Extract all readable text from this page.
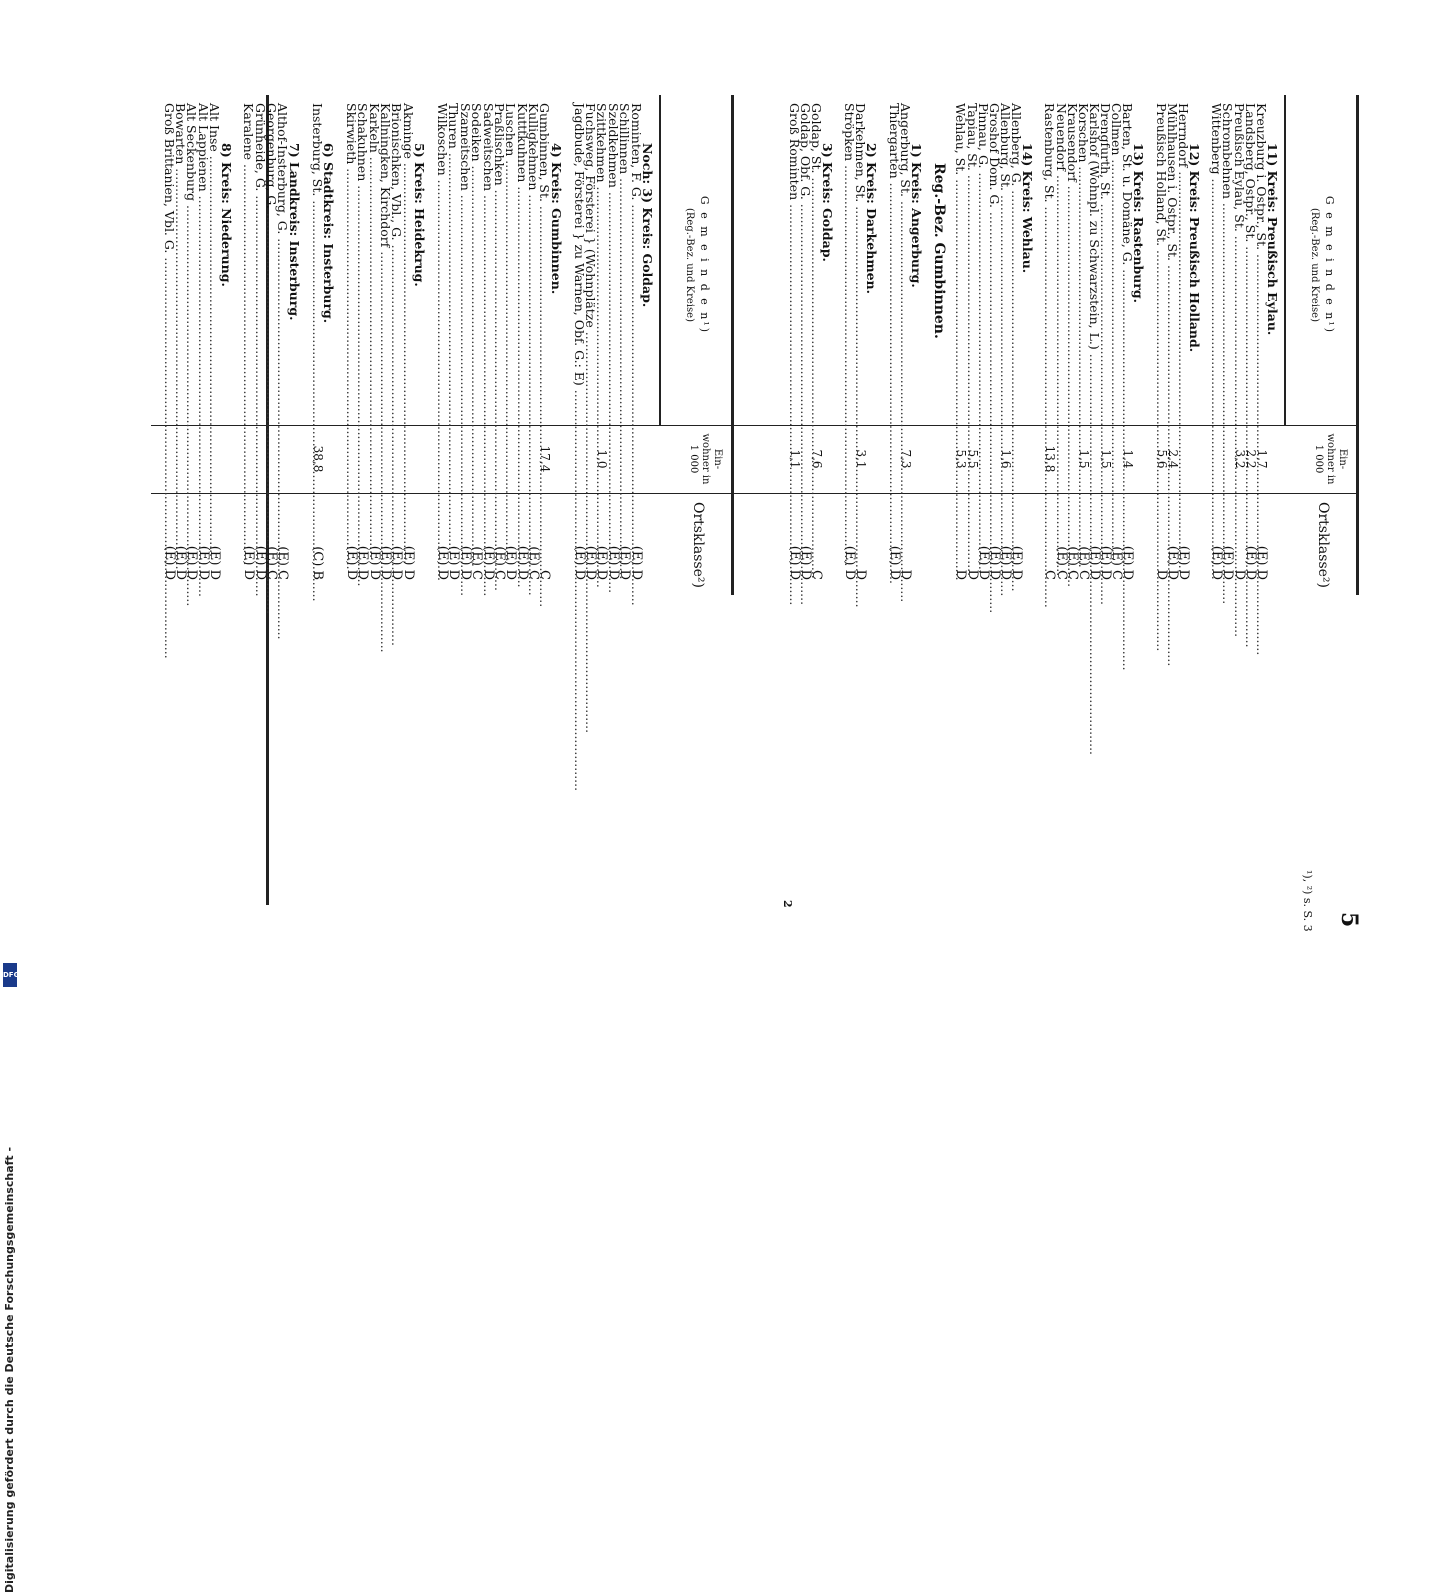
5
G e m e i n d e n¹)
(Reg.-Bez. und Kreise)
Ein-wohner in 1 000
Ortsklasse²)
11) Kreis: Preußisch Eylau.
Kreuzburg i. Ostpr., St. .....
1,7
(E) D
Landsberg, Ostpr., St. .....
2,2
(E) D
Preußisch Eylau, St. .....
3,2
D
Schrombehnen .....
(E) D
Wittenberg .....
(E) D
12) Kreis: Preußisch Holland.
Herrndorf .....
(E) D
Mühlhausen i. Ostpr., St. .....
2,4
(E) D
Preußisch Holland, St. .....
5,6
D
13) Kreis: Rastenburg.
Barten, St. u. Domäne, G. .....
1,4
(E) D
Collmen .....
(E) C
Drengfurth, St. .....
1,5
(E) D
Karlshof (Wohnpl. zu Schwarzstein, L.) .....
(E) D
Korschen .....
1,5
(E) C
Krausendorf .....
(E) C
Neuendorf .....
(E) C
Rastenburg, St. .....
13,8
C
14) Kreis: Wehlau.
Allenberg, G. .....
(E) D
Allenburg, St. .....
1,6
(E) D
Groshof Dom. G. .....
(E) D
Pinnau, G. .....
(E) D
Tapiau, St. .....
5,5
D
Wehlau, St. .....
5,3
D
Reg.-Bez. Gumbinnen.
1) Kreis: Angerburg.
Angerburg, St. .....
7,3
D
Thiergarten .....
(E) D
2) Kreis: Darkehmen.
Darkehmen, St. .....
3,1
D
Ströpken .....
(E) D
3) Kreis: Goldap.
Goldap, St. .....
7,6
C
Goldap, Obf. G. .....
(E) D
Groß Rominten .....
1,1
(E) D
¹), ²) s. S. 3
G e m e i n d e n¹)
(Reg.-Bez. und Kreise)
Ein-wohner in 1 000
Ortsklasse²)
Noch: 3) Kreis: Goldap.
Rominten, F. G. .....
(E) D
Schillinnen .....
(E) D
Szeldkehmen .....
(E) D
Szittkehmen .....
1,0
(E) D
Fuchsweg, Försterei } (Wohnplätze .....
(E) D
Jagdbude, Försterei } zu Warnen, Obf. G.: E) .....
(E) D
4) Kreis: Gumbinnen.
Gumbinnen, St. .....
17,4
C
Kulligkehmen .....
(E) C
Kutttkuhnen .....
(E) D
Luschen .....
(E) D
Praßlischken .....
(E) C
Sadweitschen .....
(E) D
Sodeiken .....
(E) C
Szameitschen .....
(E) D
Thuren .....
(E) D
Wilkoschen .....
(E) D
5) Kreis: Heidekrug.
Akminge .....
(E) D
Brionischken, Vbl., G. .....
(E) D
Kallningken, Kirchdorf .....
(E) D
Karkeln .....
(E) D
Schakuhnen .....
(E) D
Skirwieth .....
(E) D
6) Stadtkreis: Insterburg.
Insterburg, St. .....
38,8
(C) B
7) Landkreis: Insterburg.
Althof-Insterburg, G. .....
(E) C
Georgenburg, G. .....
(E) C
Grünheide, G. .....
(E) D
Karalene .....
(E) D
8) Kreis: Niederung.
Alt Inse .....
(E) D
Alt Lappienen .....
(E) D
Alt Seckenburg .....
(E) D
Bowarten .....
(E) D
Groß Brittanien, Vbl. G. .....
(E) D
2
Digitalisierung gefördert durch die Deutsche Forschungsgemeinschaft -
DFG
